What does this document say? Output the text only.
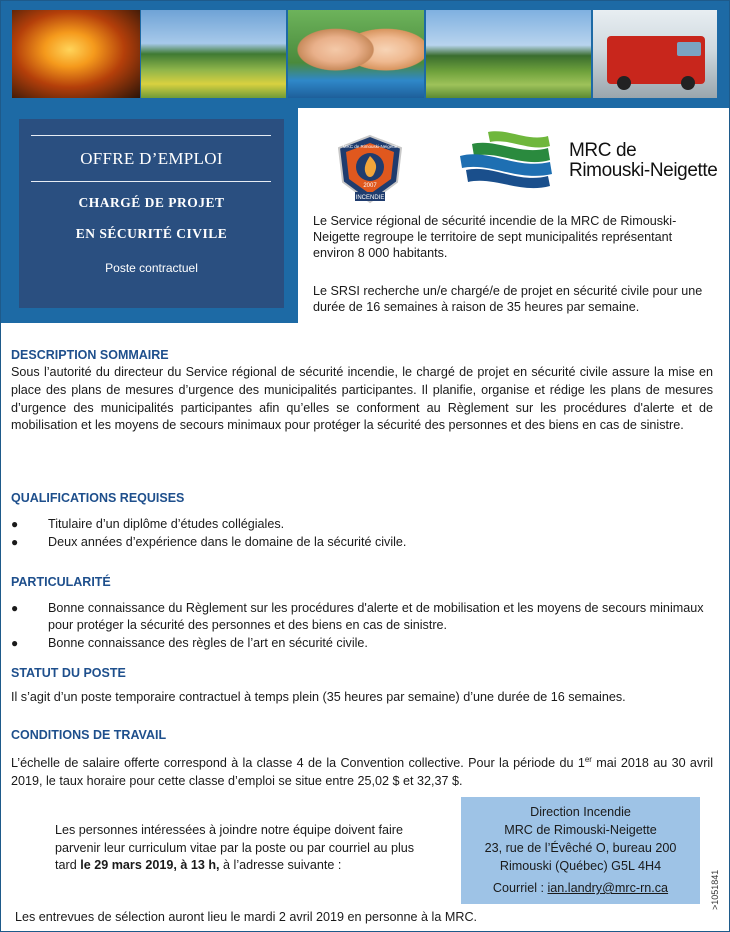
OFFRE D’EMPLOI
CHARGÉ DE PROJET
EN SÉCURITÉ CIVILE
Poste contractuel
MRC de Rimouski-Neigette
2007
INCENDIE
MRC de
Rimouski-Neigette
Le Service régional de sécurité incendie de la MRC de Rimouski-Neigette regroupe le territoire de sept municipalités représentant environ 8 000 habitants.
Le SRSI recherche un/e chargé/e de projet en sécurité civile pour une durée de 16 semaines à raison de 35 heures par semaine.
DESCRIPTION SOMMAIRE
Sous l’autorité du directeur du Service régional de sécurité incendie, le chargé de projet en sécurité civile assure la mise en place des plans de mesures d’urgence des municipalités participantes. Il planifie, organise et rédige les plans de mesures d’urgence des municipalités participantes afin qu’elles se conforment au Règlement sur les procédures d'alerte et de mobilisation et les moyens de secours minimaux pour protéger la sécurité des personnes et des biens en cas de sinistre.
QUALIFICATIONS REQUISES
● Titulaire d’un diplôme d’études collégiales.
● Deux années d’expérience dans le domaine de la sécurité civile.
PARTICULARITÉ
● Bonne connaissance du Règlement sur les procédures d'alerte et de mobilisation et les moyens de secours minimaux pour protéger la sécurité des personnes et des biens en cas de sinistre.
● Bonne connaissance des règles de l’art en sécurité civile.
STATUT DU POSTE
Il s’agit d’un poste temporaire contractuel à temps plein (35 heures par semaine) d’une durée de 16 semaines.
CONDITIONS DE TRAVAIL
L’échelle de salaire offerte correspond à la classe 4 de la Convention collective. Pour la période du 1er mai 2018 au 30 avril 2019, le taux horaire pour cette classe d’emploi se situe entre 25,02 $ et 32,37 $.
Les personnes intéressées à joindre notre équipe doivent faire parvenir leur curriculum vitae par la poste ou par courriel au plus tard le 29 mars 2019, à 13 h, à l’adresse suivante :
Direction Incendie
MRC de Rimouski-Neigette
23, rue de l’Évêché O, bureau 200
Rimouski (Québec) G5L 4H4
Courriel : ian.landry@mrc-rn.ca
Les entrevues de sélection auront lieu le mardi 2 avril 2019 en personne à la MRC.
>1051841
